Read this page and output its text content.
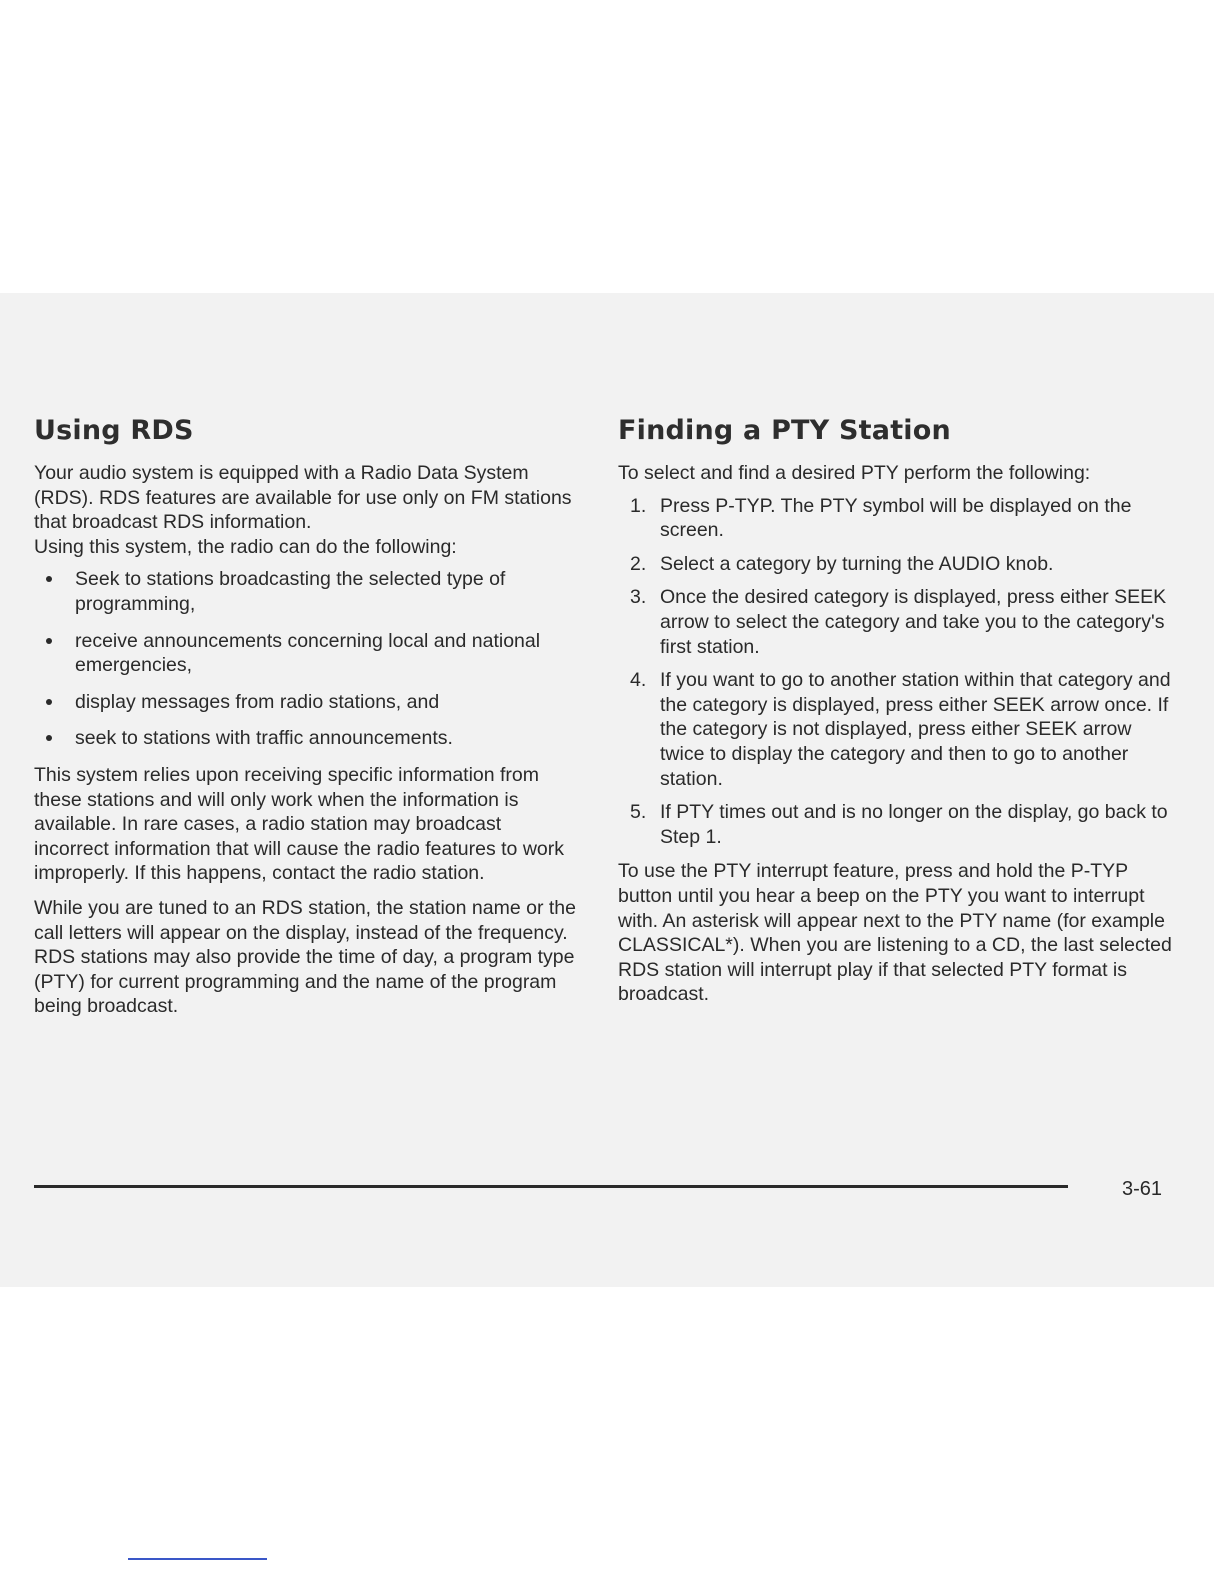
Using RDS

Your audio system is equipped with a Radio Data System (RDS). RDS features are available for use only on FM stations that broadcast RDS information.

Using this system, the radio can do the following:

Seek to stations broadcasting the selected type of programming,
receive announcements concerning local and national emergencies,
display messages from radio stations, and
seek to stations with traffic announcements.

This system relies upon receiving specific information from these stations and will only work when the information is available. In rare cases, a radio station may broadcast incorrect information that will cause the radio features to work improperly. If this happens, contact the radio station.

While you are tuned to an RDS station, the station name or the call letters will appear on the display, instead of the frequency. RDS stations may also provide the time of day, a program type (PTY) for current programming and the name of the program being broadcast.

Finding a PTY Station

To select and find a desired PTY perform the following:

1. Press P-TYP. The PTY symbol will be displayed on the screen.
2. Select a category by turning the AUDIO knob.
3. Once the desired category is displayed, press either SEEK arrow to select the category and take you to the category's first station.
4. If you want to go to another station within that category and the category is displayed, press either SEEK arrow once. If the category is not displayed, press either SEEK arrow twice to display the category and then to go to another station.
5. If PTY times out and is no longer on the display, go back to Step 1.

To use the PTY interrupt feature, press and hold the P-TYP button until you hear a beep on the PTY you want to interrupt with. An asterisk will appear next to the PTY name (for example CLASSICAL*). When you are listening to a CD, the last selected RDS station will interrupt play if that selected PTY format is broadcast.

3-61
